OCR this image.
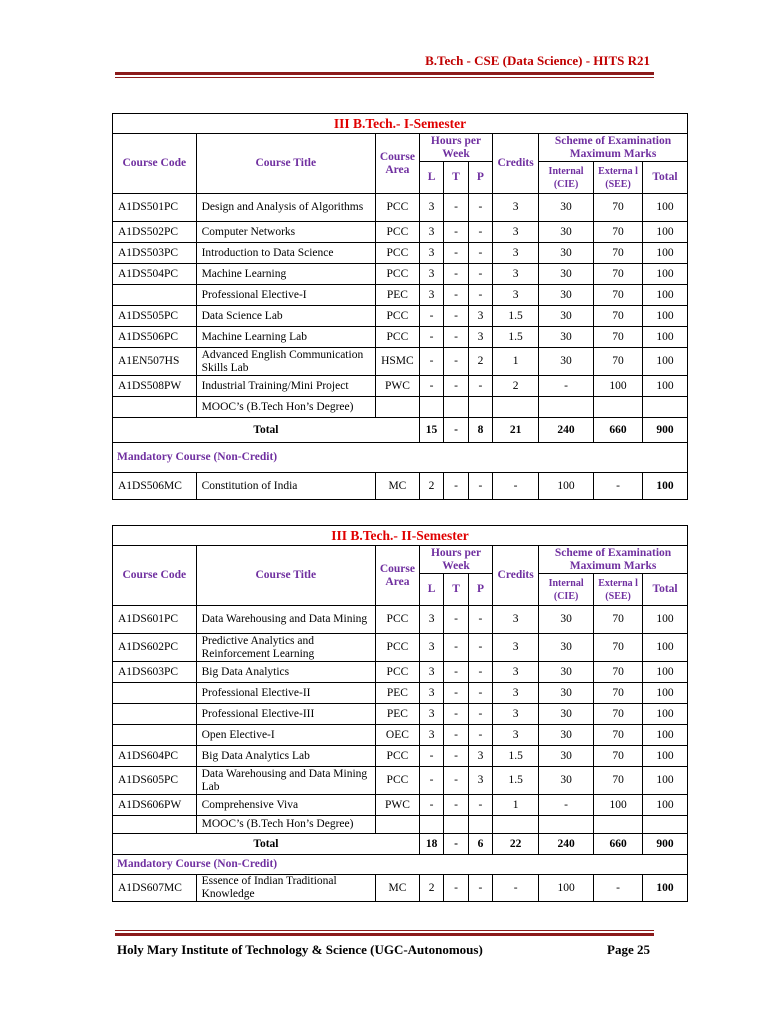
B.Tech - CSE (Data Science) - HITS R21
III B.Tech.- I-Semester									
Course Code	Course Title	Course Area	Hours per Week			Credits	Scheme of Examination Maximum Marks		
			L	T	P		Internal (CIE)	Externa l (SEE)	Total
A1DS501PC	Design and Analysis of Algorithms	PCC	3	-	-	3	30	70	100
A1DS502PC	Computer Networks	PCC	3	-	-	3	30	70	100
A1DS503PC	Introduction to Data Science	PCC	3	-	-	3	30	70	100
A1DS504PC	Machine Learning	PCC	3	-	-	3	30	70	100
	Professional Elective-I	PEC	3	-	-	3	30	70	100
A1DS505PC	Data Science Lab	PCC	-	-	3	1.5	30	70	100
A1DS506PC	Machine Learning Lab	PCC	-	-	3	1.5	30	70	100
A1EN507HS	Advanced English Communication Skills Lab	HSMC	-	-	2	1	30	70	100
A1DS508PW	Industrial Training/Mini Project	PWC	-	-	-	2	-	100	100
	MOOC’s (B.Tech Hon’s Degree)								
Total			15	-	8	21	240	660	900
Mandatory Course (Non-Credit)									
A1DS506MC	Constitution of India	MC	2	-	-	-	100	-	100
III B.Tech.- II-Semester									
Course Code	Course Title	Course Area	Hours per Week			Credits	Scheme of Examination Maximum Marks		
			L	T	P		Internal (CIE)	Externa l (SEE)	Total
A1DS601PC	Data Warehousing and Data Mining	PCC	3	-	-	3	30	70	100
A1DS602PC	Predictive Analytics and Reinforcement Learning	PCC	3	-	-	3	30	70	100
A1DS603PC	Big Data Analytics	PCC	3	-	-	3	30	70	100
	Professional Elective-II	PEC	3	-	-	3	30	70	100
	Professional Elective-III	PEC	3	-	-	3	30	70	100
	Open Elective-I	OEC	3	-	-	3	30	70	100
A1DS604PC	Big Data Analytics Lab	PCC	-	-	3	1.5	30	70	100
A1DS605PC	Data Warehousing and Data Mining Lab	PCC	-	-	3	1.5	30	70	100
A1DS606PW	Comprehensive Viva	PWC	-	-	-	1	-	100	100
	MOOC’s (B.Tech Hon’s Degree)								
Total			18	-	6	22	240	660	900
Mandatory Course (Non-Credit)									
A1DS607MC	Essence of Indian Traditional Knowledge	MC	2	-	-	-	100	-	100
Holy Mary Institute of Technology & Science (UGC-Autonomous)	Page 25
